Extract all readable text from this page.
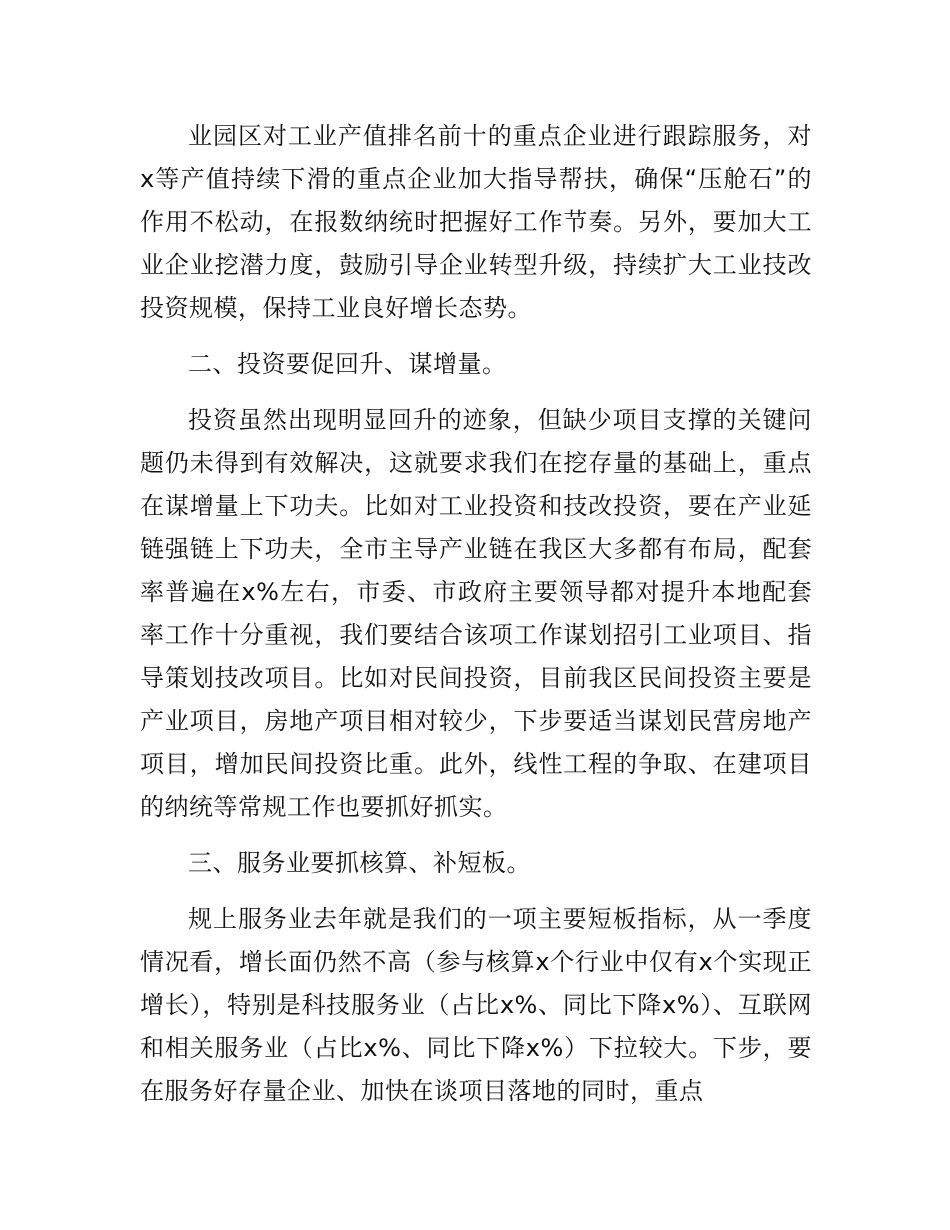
业园区对工业产值排名前十的重点企业进行跟踪服务，对x等产值持续下滑的重点企业加大指导帮扶，确保“压舱石”的作用不松动，在报数纳统时把握好工作节奏。另外，要加大工业企业挖潜力度，鼓励引导企业转型升级，持续扩大工业技改投资规模，保持工业良好增长态势。

二、投资要促回升、谋增量。

投资虽然出现明显回升的迹象，但缺少项目支撑的关键问题仍未得到有效解决，这就要求我们在挖存量的基础上，重点在谋增量上下功夫。比如对工业投资和技改投资，要在产业延链强链上下功夫，全市主导产业链在我区大多都有布局，配套率普遍在x%左右，市委、市政府主要领导都对提升本地配套率工作十分重视，我们要结合该项工作谋划招引工业项目、指导策划技改项目。比如对民间投资，目前我区民间投资主要是产业项目，房地产项目相对较少，下步要适当谋划民营房地产项目，增加民间投资比重。此外，线性工程的争取、在建项目的纳统等常规工作也要抓好抓实。

三、服务业要抓核算、补短板。

规上服务业去年就是我们的一项主要短板指标，从一季度情况看，增长面仍然不高（参与核算x个行业中仅有x个实现正增长），特别是科技服务业（占比x%、同比下降x%）、互联网和相关服务业（占比x%、同比下降x%）下拉较大。下步，要在服务好存量企业、加快在谈项目落地的同时，重点
